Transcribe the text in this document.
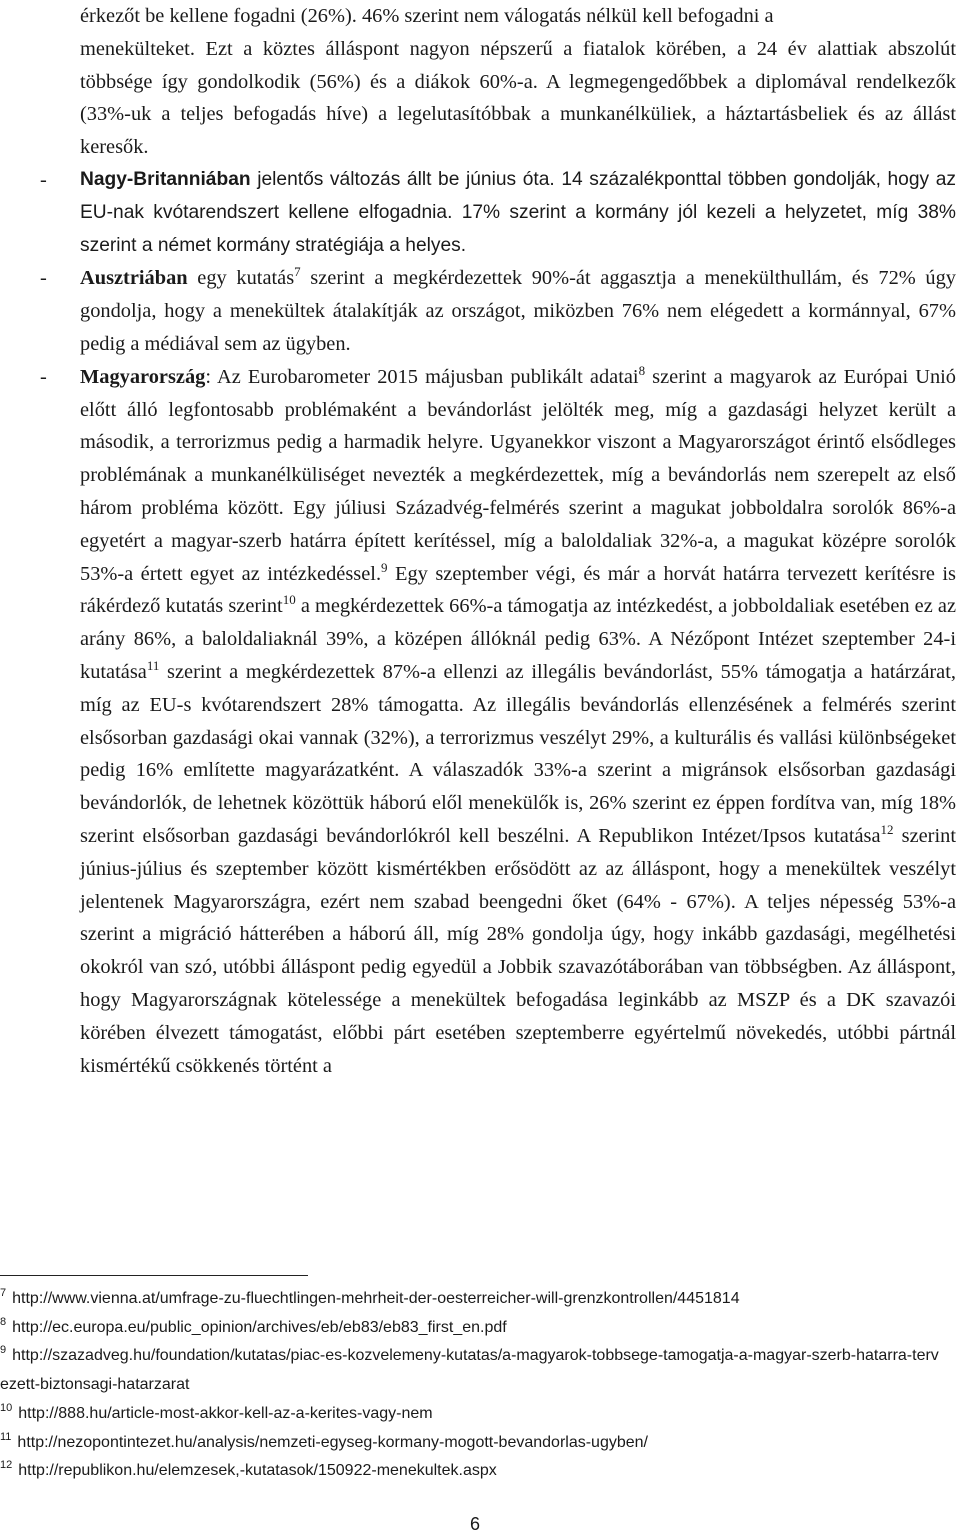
érkezőt be kellene fogadni (26%). 46% szerint nem válogatás nélkül kell befogadni a
menekülteket. Ezt a köztes álláspont nagyon népszerű a fiatalok körében, a 24 év alattiak abszolút többsége így gondolkodik (56%) és a diákok 60%-a. A legmegengedőbbek a diplomával rendelkezők (33%-uk a teljes befogadás híve) a legelutasítóbbak a munkanélküliek, a háztartásbeliek és az állást keresők.

- Nagy-Britanniában jelentős változás állt be június óta. 14 százalékponttal többen gondolják, hogy az EU-nak kvótarendszert kellene elfogadnia. 17% szerint a kormány jól kezeli a helyzetet, míg 38% szerint a német kormány stratégiája a helyes.

- Ausztriában egy kutatás$^7$ szerint a megkérdezettek 90%-át aggasztja a menekülthullám, és 72% úgy gondolja, hogy a menekültek átalakítják az országot, miközben 76% nem elégedett a kormánnyal, 67% pedig a médiával sem az ügyben.

- Magyarország: Az Eurobarometer 2015 májusban publikált adatai$^8$ szerint a magyarok az Európai Unió előtt álló legfontosabb problémaként a bevándorlást jelölték meg, míg a gazdasági helyzet került a második, a terrorizmus pedig a harmadik helyre. Ugyanekkor viszont a Magyarországot érintő elsődleges problémának a munkanélküliséget nevezték a megkérdezettek, míg a bevándorlás nem szerepelt az első három probléma között. Egy júliusi Századvég-felmérés szerint a magukat jobboldalra sorolók 86%-a egyetért a magyar-szerb határra épített kerítéssel, míg a baloldaliak 32%-a, a magukat középre sorolók 53%-a értett egyet az intézkedéssel.$^9$ Egy szeptember végi, és már a horvát határra tervezett kerítésre is rákérdező kutatás szerint$^{10}$ a megkérdezettek 66%-a támogatja az intézkedést, a jobboldaliak esetében ez az arány 86%, a baloldaliaknál 39%, a középen állóknál pedig 63%. A Nézőpont Intézet szeptember 24-i kutatása$^{11}$ szerint a megkérdezettek 87%-a ellenzi az illegális bevándorlást, 55% támogatja a határzárat, míg az EU-s kvótarendszert 28% támogatta. Az illegális bevándorlás ellenzésének a felmérés szerint elsősorban gazdasági okai vannak (32%), a terrorizmus veszélyt 29%, a kulturális és vallási különbségeket pedig 16% említette magyarázatként. A válaszadók 33%-a szerint a migránsok elsősorban gazdasági bevándorlók, de lehetnek közöttük háború elől menekülők is, 26% szerint ez éppen fordítva van, míg 18% szerint elsősorban gazdasági bevándorlókról kell beszélni. A Republikon Intézet/Ipsos kutatása$^{12}$ szerint június-július és szeptember között kismértékben erősödött az az álláspont, hogy a menekültek veszélyt jelentenek Magyarországra, ezért nem szabad beengedni őket (64% - 67%). A teljes népesség 53%-a szerint a migráció hátterében a háború áll, míg 28% gondolja úgy, hogy inkább gazdasági, megélhetési okokról van szó, utóbbi álláspont pedig egyedül a Jobbik szavazótáborában van többségben. Az álláspont, hogy Magyarországnak kötelessége a menekültek befogadása leginkább az MSZP és a DK szavazói körében élvezett támogatást, előbbi párt esetében szeptemberre egyértelmű növekedés, utóbbi pártnál kismértékű csökkenés történt a

$^7$ http://www.vienna.at/umfrage-zu-fluechtlingen-mehrheit-der-oesterreicher-will-grenzkontrollen/4451814

$^8$ http://ec.europa.eu/public_opinion/archives/eb/eb83/eb83_first_en.pdf

$^9$ http://szazadveg.hu/foundation/kutatas/piac-es-kozvelemeny-kutatas/a-magyarok-tobbsege-tamogatja-a-magyar-szerb-hatarra-tervezett-biztonsagi-hatarzarat

$^{10}$ http://888.hu/article-most-akkor-kell-az-a-kerites-vagy-nem

$^{11}$ http://nezopontintezet.hu/analysis/nemzeti-egyseg-kormany-mogott-bevandorlas-ugyben/

$^{12}$ http://republikon.hu/elemzesek,-kutatasok/150922-menekultek.aspx

6
